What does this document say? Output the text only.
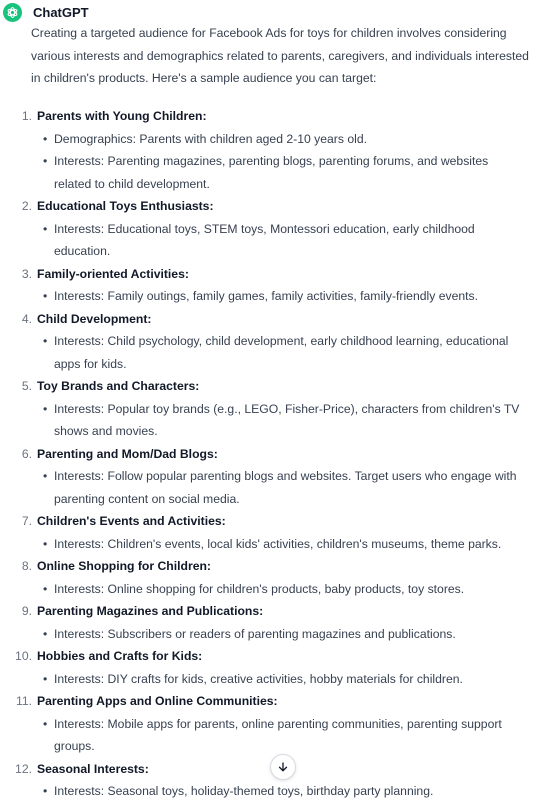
ChatGPT

Creating a targeted audience for Facebook Ads for toys for children involves considering various interests and demographics related to parents, caregivers, and individuals interested in children's products. Here's a sample audience you can target:

1. Parents with Young Children:
• Demographics: Parents with children aged 2-10 years old.
• Interests: Parenting magazines, parenting blogs, parenting forums, and websites related to child development.
2. Educational Toys Enthusiasts:
• Interests: Educational toys, STEM toys, Montessori education, early childhood education.
3. Family-oriented Activities:
• Interests: Family outings, family games, family activities, family-friendly events.
4. Child Development:
• Interests: Child psychology, child development, early childhood learning, educational apps for kids.
5. Toy Brands and Characters:
• Interests: Popular toy brands (e.g., LEGO, Fisher-Price), characters from children's TV shows and movies.
6. Parenting and Mom/Dad Blogs:
• Interests: Follow popular parenting blogs and websites. Target users who engage with parenting content on social media.
7. Children's Events and Activities:
• Interests: Children's events, local kids' activities, children's museums, theme parks.
8. Online Shopping for Children:
• Interests: Online shopping for children's products, baby products, toy stores.
9. Parenting Magazines and Publications:
• Interests: Subscribers or readers of parenting magazines and publications.
10. Hobbies and Crafts for Kids:
• Interests: DIY crafts for kids, creative activities, hobby materials for children.
11. Parenting Apps and Online Communities:
• Interests: Mobile apps for parents, online parenting communities, parenting support groups.
12. Seasonal Interests:
• Interests: Seasonal toys, holiday-themed toys, birthday party planning.
